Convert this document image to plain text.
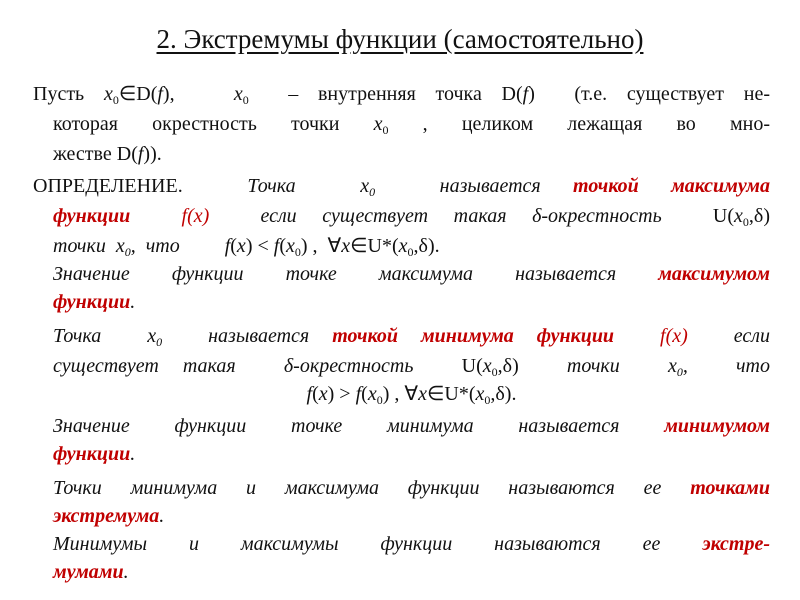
2. Экстремумы функции (самостоятельно)
Пусть $x_0\in D(f)$,   $x_0$  – внутренняя точка D(f)  (т.е. существует не-
которая окрестность точки $x_0$ , целиком лежащая во мно-
жестве D(f)).
ОПРЕДЕЛЕНИЕ.  Точка  $x_0$  называется точкой максимума
функции  f(x)  если существует такая δ-окрестность  $U(x_0,\delta)$
точки  $x_0$,  что         $f(x) < f(x_0)$ ,  $\forall x\in U*(x_0,\delta)$.
Значение функции точке максимума называется максимумом
функции.
Точка  $x_0$  называется точкой минимума функции  f(x)  если
существует такая  δ-окрестность  $U(x_0,\delta)$  точки  $x_0$,  что
$f(x) > f(x_0)$ , $\forall x\in U*(x_0,\delta)$.
Значение функции точке минимума называется минимумом
функции.
Точки минимума и максимума функции называются ее точками
экстремума.
Минимумы и максимумы функции называются ее экстре-
мумами.
